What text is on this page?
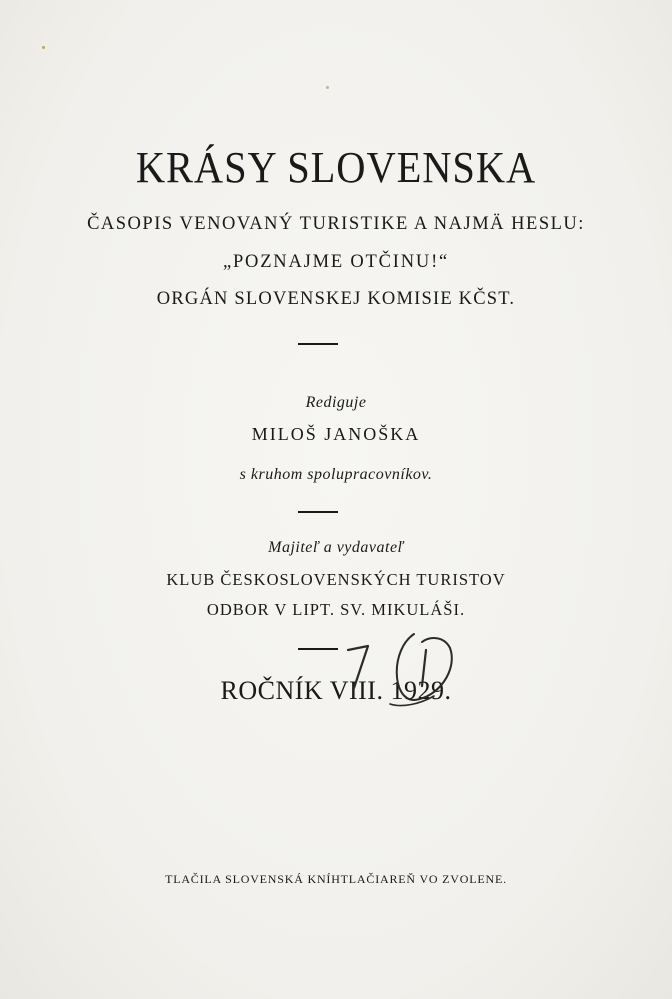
KRÁSY SLOVENSKA
ČASOPIS VENOVANÝ TURISTIKE A NAJMÄ HESLU:
„POZNAJME OTČINU!“
ORGÁN SLOVENSKEJ KOMISIE KČST.
Rediguje
MILOŠ JANOŠKA
s kruhom spolupracovníkov.
Majiteľ a vydavateľ
KLUB ČESKOSLOVENSKÝCH TURISTOV
ODBOR V LIPT. SV. MIKULÁŠI.
ROČNÍK VIII. 1929.
TLAČILA SLOVENSKÁ KNÍHTLAČIAREŇ VO ZVOLENE.
